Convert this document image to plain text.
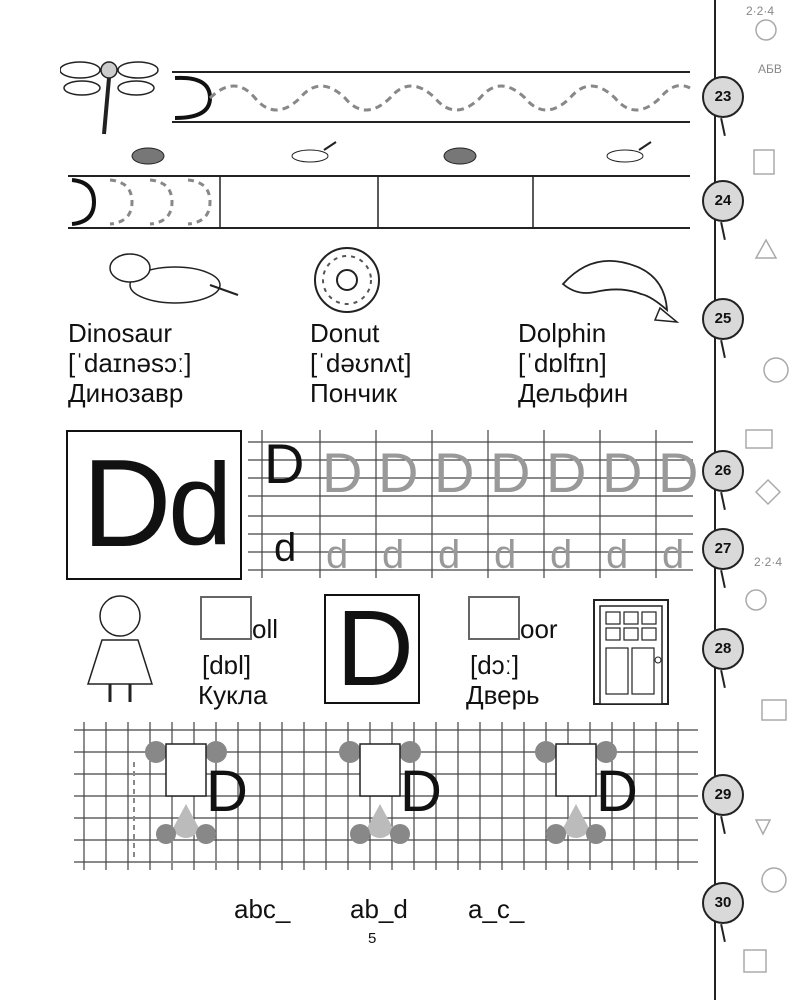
Dinosaur
[ˈdaɪnəsɔː]
Динозавр
Donut
[ˈdəʊnʌt]
Пончик
Dolphin
[ˈdɒlfɪn]
Дельфин
D
d D D D D D D D
d d d d d d d
D
d
oll
[dɒl]
Кукла D	oor
[dɔː]
Дверь
D	D	D
abc_ ab_d a_c_
5
АБВ
2·2·4
2·2·4
23
24
25
26
27
28
29
30
